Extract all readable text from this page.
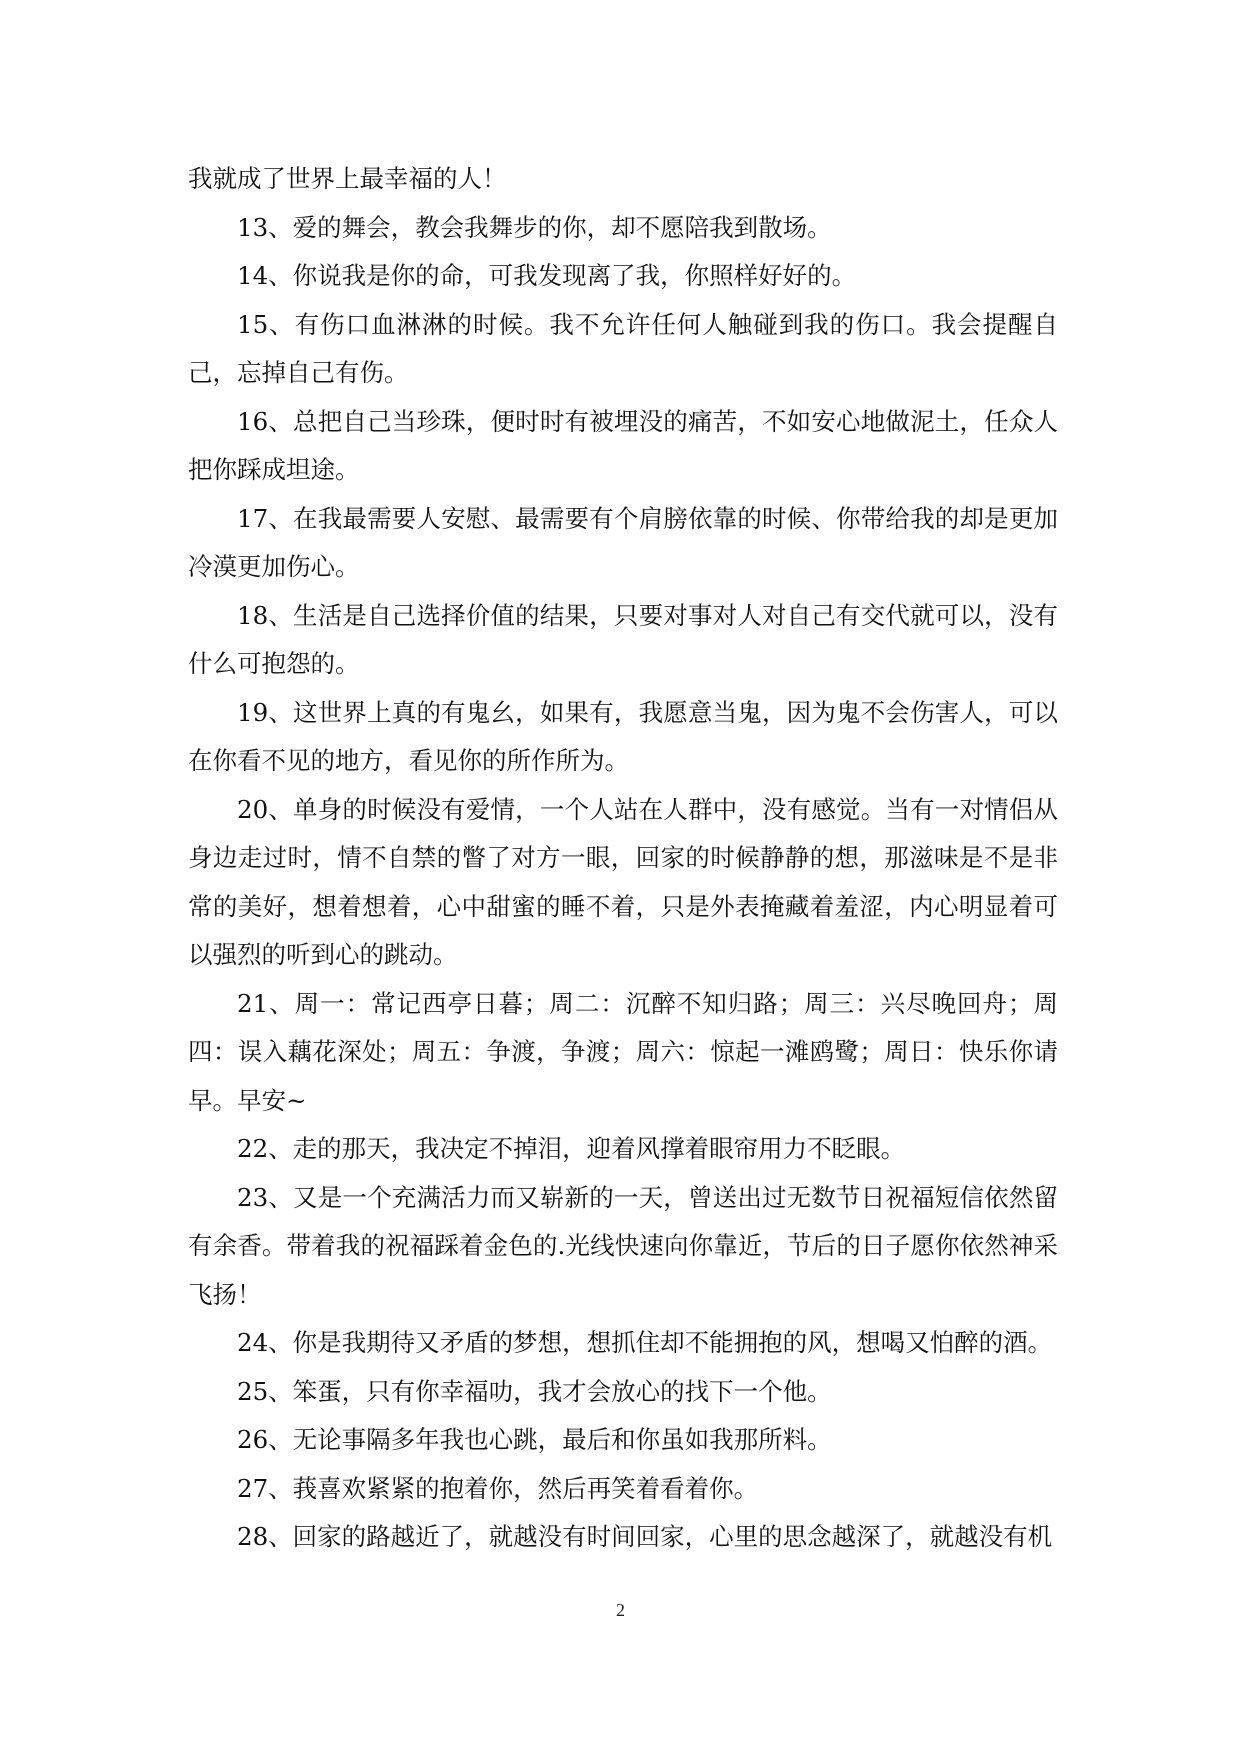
我就成了世界上最幸福的人！

13、爱的舞会，教会我舞步的你，却不愿陪我到散场。

14、你说我是你的命，可我发现离了我，你照样好好的。

15、有伤口血淋淋的时候。我不允许任何人触碰到我的伤口。我会提醒自己，忘掉自己有伤。

16、总把自己当珍珠，便时时有被埋没的痛苦，不如安心地做泥土，任众人把你踩成坦途。

17、在我最需要人安慰、最需要有个肩膀依靠的时候、你带给我的却是更加冷漠更加伤心。

18、生活是自己选择价值的结果，只要对事对人对自己有交代就可以，没有什么可抱怨的。

19、这世界上真的有鬼幺，如果有，我愿意当鬼，因为鬼不会伤害人，可以在你看不见的地方，看见你的所作所为。

20、单身的时候没有爱情，一个人站在人群中，没有感觉。当有一对情侣从身边走过时，情不自禁的瞥了对方一眼，回家的时候静静的想，那滋味是不是非常的美好，想着想着，心中甜蜜的睡不着，只是外表掩藏着羞涩，内心明显着可以强烈的听到心的跳动。

21、周一：常记西亭日暮；周二：沉醉不知归路；周三：兴尽晚回舟；周四：误入藕花深处；周五：争渡，争渡；周六：惊起一滩鸥鹭；周日：快乐你请早。早安~

22、走的那天，我决定不掉泪，迎着风撑着眼帘用力不眨眼。

23、又是一个充满活力而又崭新的一天，曾送出过无数节日祝福短信依然留有余香。带着我的祝福踩着金色的.光线快速向你靠近，节后的日子愿你依然神采飞扬！

24、你是我期待又矛盾的梦想，想抓住却不能拥抱的风，想喝又怕醉的酒。

25、笨蛋，只有你幸福叻，我才会放心的找下一个他。

26、无论事隔多年我也心跳，最后和你虽如我那所料。

27、莪喜欢紧紧的抱着你，然后再笑着看着你。

28、回家的路越近了，就越没有时间回家，心里的思念越深了，就越没有机

2
